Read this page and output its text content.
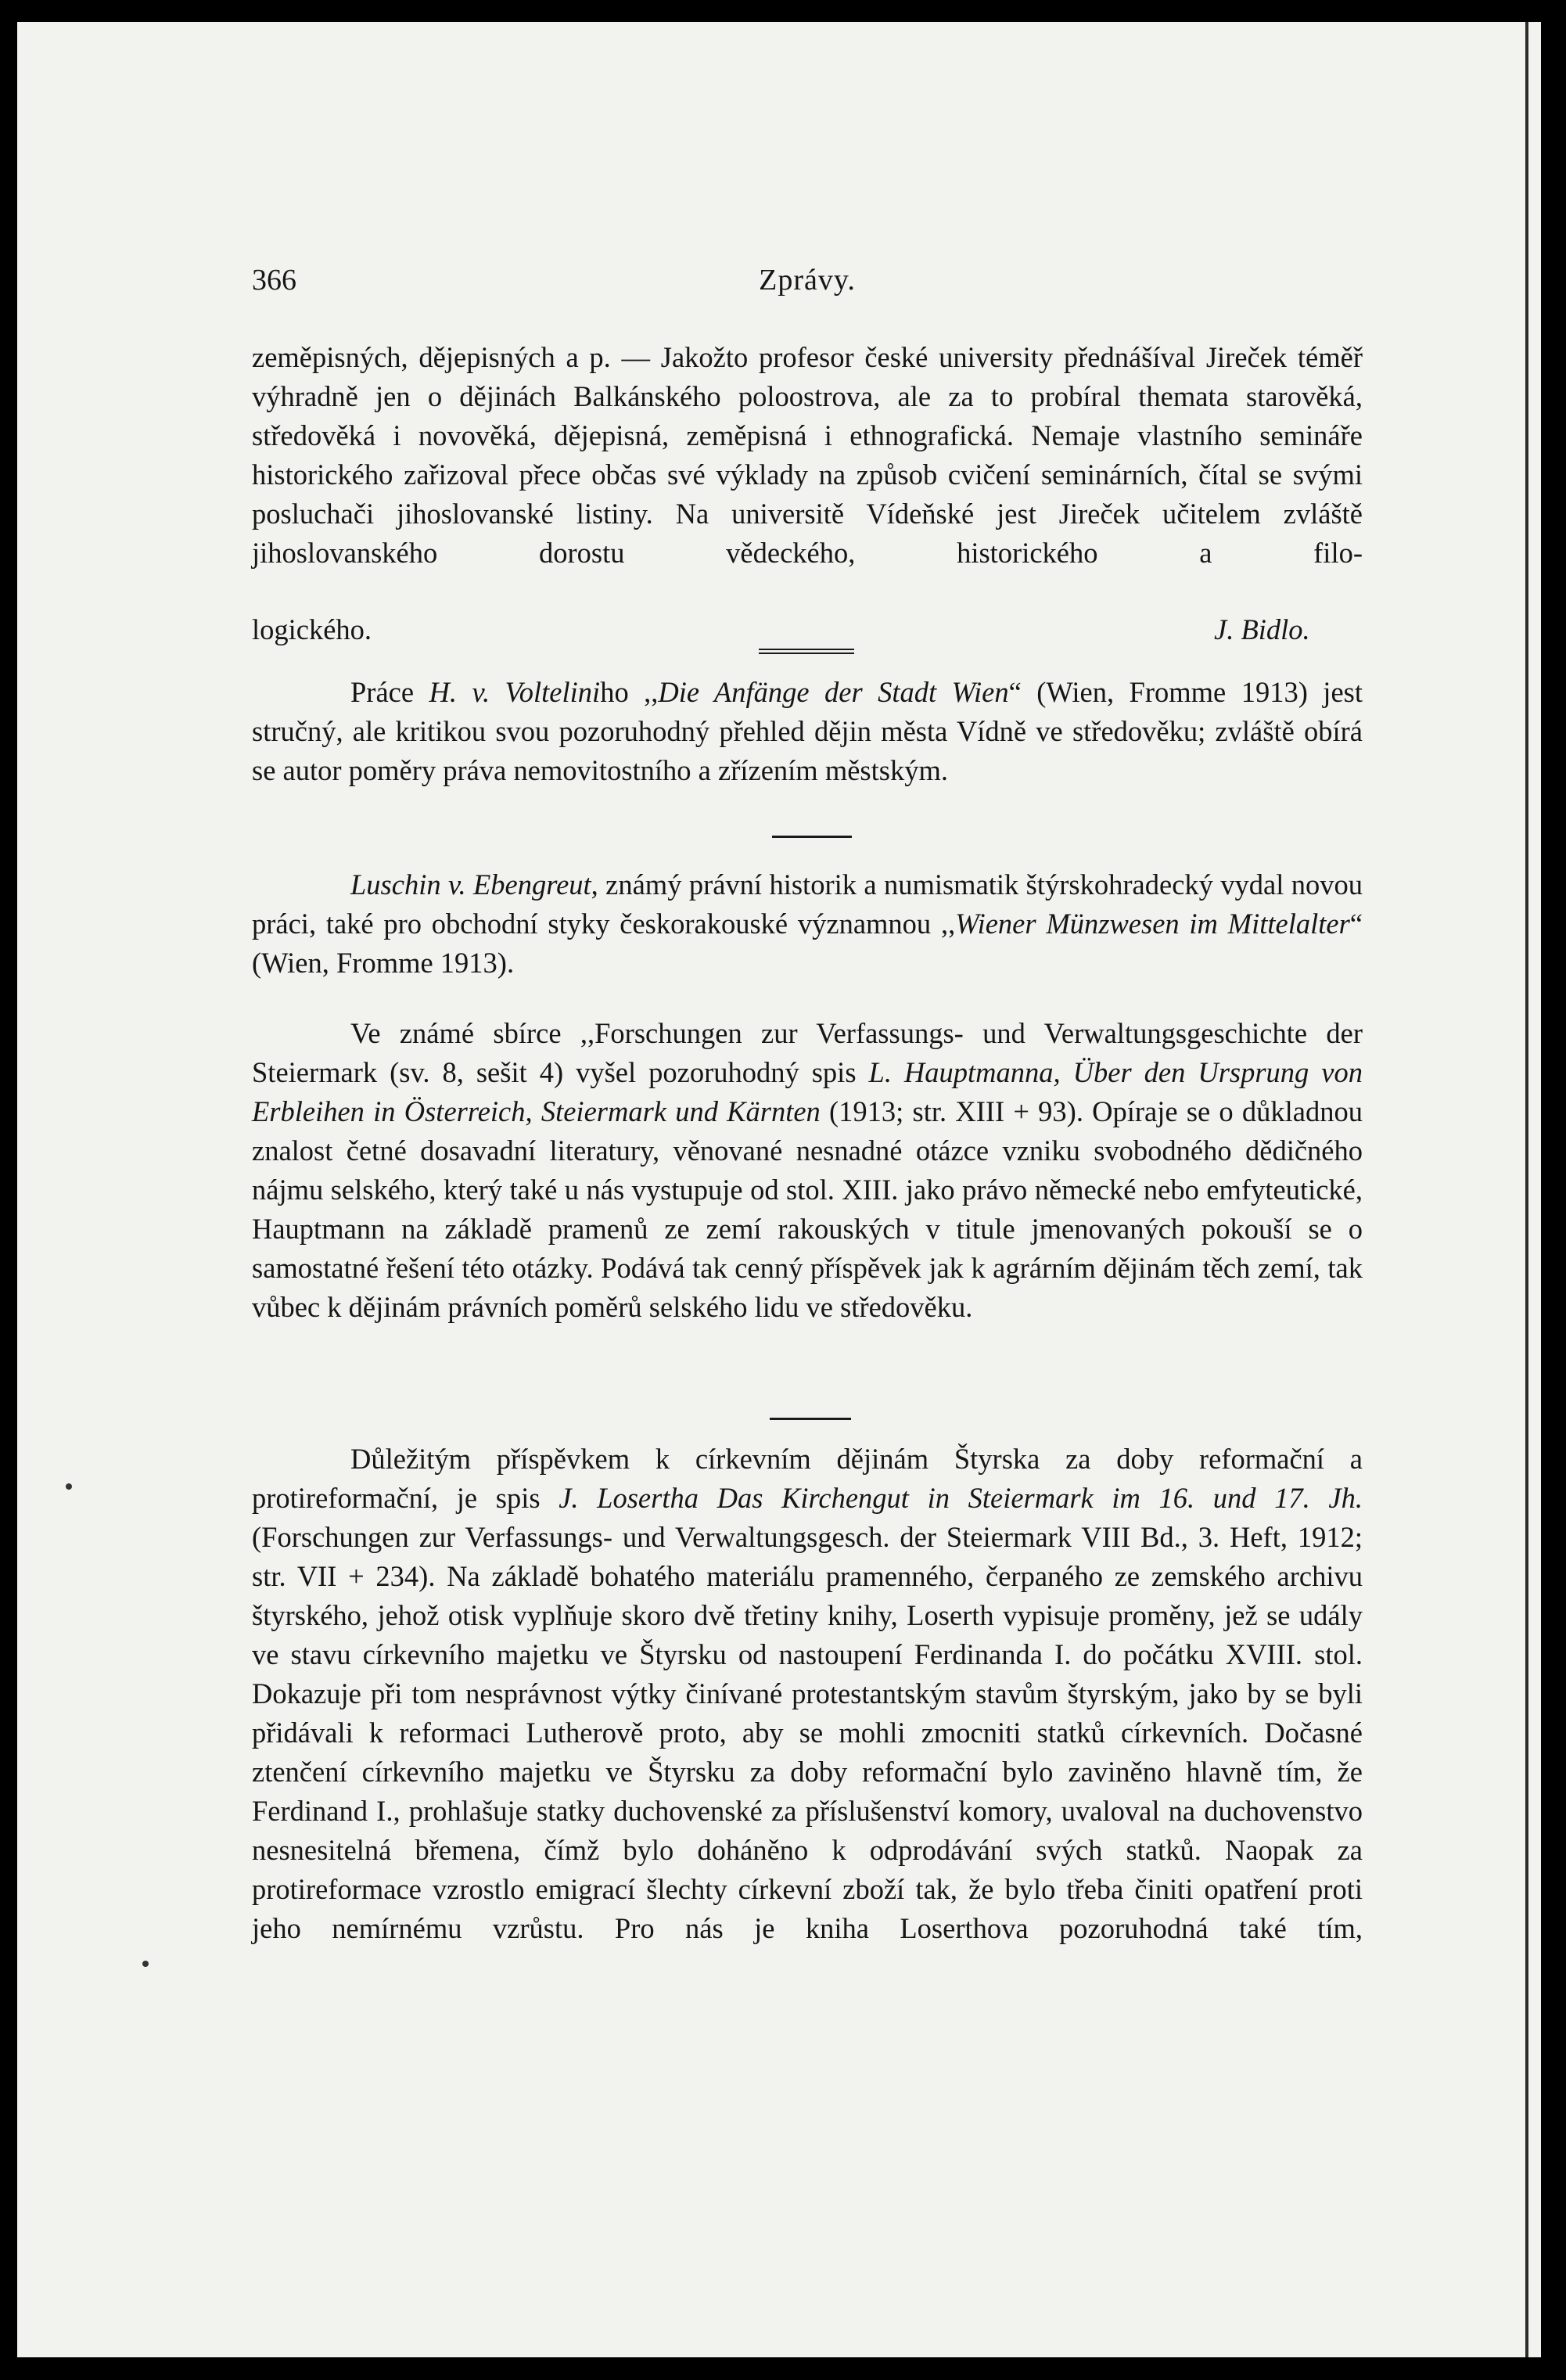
366	Zprávy.

zeměpisných, dějepisných a p. — Jakožto profesor české university přednášíval Jireček téměř výhradně jen o dějinách Balkánského poloostrova, ale za to probíral themata starověká, středověká i novověká, dějepisná, zeměpisná i ethnografická. Nemaje vlastního semináře historického zařizoval přece občas své výklady na způsob cvičení seminárních, čítal se svými posluchači jihoslovanské listiny. Na universitě Vídeňské jest Jireček učitelem zvláště jihoslovanského dorostu vědeckého, historického a filo-

logického.	J. Bidlo.

Práce H. v. Volteliniho ,,Die Anfänge der Stadt Wien“ (Wien, Fromme 1913) jest stručný, ale kritikou svou pozoruhodný přehled dějin města Vídně ve středověku; zvláště obírá se autor poměry práva nemovitostního a zřízením městským.

Luschin v. Ebengreut, známý právní historik a numismatik štýrskohradecký vydal novou práci, také pro obchodní styky českorakouské významnou ,,Wiener Münzwesen im Mittelalter“ (Wien, Fromme 1913).

Ve známé sbírce ,,Forschungen zur Verfassungs- und Verwaltungsgeschichte der Steiermark (sv. 8, sešit 4) vyšel pozoruhodný spis L. Hauptmanna, Über den Ursprung von Erbleihen in Österreich, Steiermark und Kärnten (1913; str. XIII + 93). Opíraje se o důkladnou znalost četné dosavadní literatury, věnované nesnadné otázce vzniku svobodného dědičného nájmu selského, který také u nás vystupuje od stol. XIII. jako právo německé nebo emfyteutické, Hauptmann na základě pramenů ze zemí rakouských v titule jmenovaných pokouší se o samostatné řešení této otázky. Podává tak cenný příspěvek jak k agrárním dějinám těch zemí, tak vůbec k dějinám právních poměrů selského lidu ve středověku.

Důležitým příspěvkem k církevním dějinám Štyrska za doby reformační a protireformační, je spis J. Losertha Das Kirchengut in Steiermark im 16. und 17. Jh. (Forschungen zur Verfassungs- und Verwaltungsgesch. der Steiermark VIII Bd., 3. Heft, 1912; str. VII + 234). Na základě bohatého materiálu pramenného, čerpaného ze zemského archivu štyrského, jehož otisk vyplňuje skoro dvě třetiny knihy, Loserth vypisuje proměny, jež se udály ve stavu církevního majetku ve Štyrsku od nastoupení Ferdinanda I. do počátku XVIII. stol. Dokazuje při tom nesprávnost výtky činívané protestantským stavům štyrským, jako by se byli přidávali k reformaci Lutherově proto, aby se mohli zmocniti statků církevních. Dočasné ztenčení církevního majetku ve Štyrsku za doby reformační bylo zaviněno hlavně tím, že Ferdinand I., prohlašuje statky duchovenské za příslušenství komory, uvaloval na duchovenstvo nesnesitelná břemena, čímž bylo doháněno k odprodávání svých statků. Naopak za protireformace vzrostlo emigrací šlechty církevní zboží tak, že bylo třeba činiti opatření proti jeho nemírnému vzrůstu. Pro nás je kniha Loserthova pozoruhodná také tím,
